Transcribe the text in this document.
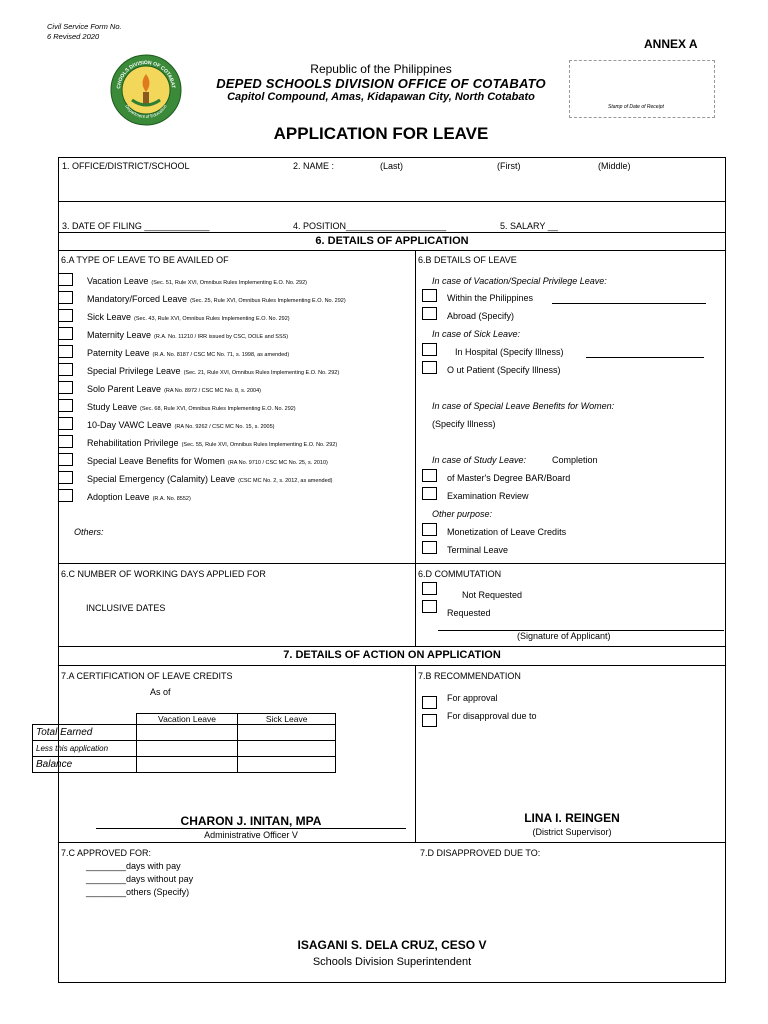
Civil Service Form No.
6 Revised 2020
ANNEX A
Stamp of Date of Receipt
CHOOLS DIVISION OF COTABAT
Department of Education
Republic of the Philippines
DEPED SCHOOLS DIVISION OFFICE OF COTABATO
Capitol Compound, Amas, Kidapawan City, North Cotabato
APPLICATION FOR LEAVE
1. OFFICE/DISTRICT/SCHOOL	2. NAME :	(Last)	(First)	(Middle)
3. DATE OF FILING _____________	4. POSITION____________________	5. SALARY __
6. DETAILS OF APPLICATION
6.A TYPE OF LEAVE TO BE AVAILED OF
Vacation Leave (Sec. 51, Rule XVI, Omnibus Rules Implementing E.O. No. 292)
Mandatory/Forced Leave (Sec. 25, Rule XVI, Omnibus Rules Implementing E.O. No. 292)
Sick Leave (Sec. 43, Rule XVI, Omnibus Rules Implementing E.O. No. 292)
Maternity Leave (R.A. No. 11210 / IRR issued by CSC, DOLE and SSS)
Paternity Leave (R.A. No. 8187 / CSC MC No. 71, s. 1998, as amended)
Special Privilege Leave (Sec. 21, Rule XVI, Omnibus Rules Implementing E.O. No. 292)
Solo Parent Leave (RA No. 8972 / CSC MC No. 8, s. 2004)
Study Leave (Sec. 68, Rule XVI, Omnibus Rules Implementing E.O. No. 292)
10-Day VAWC Leave (RA No. 9262 / CSC MC No. 15, s. 2005)
Rehabilitation Privilege (Sec. 55, Rule XVI, Omnibus Rules Implementing E.O. No. 292)
Special Leave Benefits for Women (RA No. 9710 / CSC MC No. 25, s. 2010)
Special Emergency (Calamity) Leave (CSC MC No. 2, s. 2012, as amended)
Adoption Leave (R.A. No. 8552)
Others:
6.B DETAILS OF LEAVE
In case of Vacation/Special Privilege Leave:
Within the Philippines
Abroad (Specify)
In case of Sick Leave:
In Hospital (Specify Illness)
O ut Patient (Specify Illness)
In case of Special Leave Benefits for Women:
(Specify Illness)
In case of Study Leave:	Completion
of Master's Degree BAR/Board
Examination Review
Other purpose:
Monetization of Leave Credits
Terminal Leave
6.C NUMBER OF WORKING DAYS APPLIED FOR
INCLUSIVE DATES
6.D COMMUTATION
Not Requested
Requested
(Signature of Applicant)
7. DETAILS OF ACTION ON APPLICATION
7.A CERTIFICATION OF LEAVE CREDITS
As of
	Vacation Leave	Sick Leave
Total Earned		
Less this application		
Balance		
CHARON J. INITAN, MPA
Administrative Officer V
7.B RECOMMENDATION
For approval
For disapproval due to
LINA I. REINGEN
(District Supervisor)
7.C APPROVED FOR:
________days with pay
________days without pay
________others (Specify)
7.D DISAPPROVED DUE TO:
ISAGANI S. DELA CRUZ, CESO V
Schools Division Superintendent
